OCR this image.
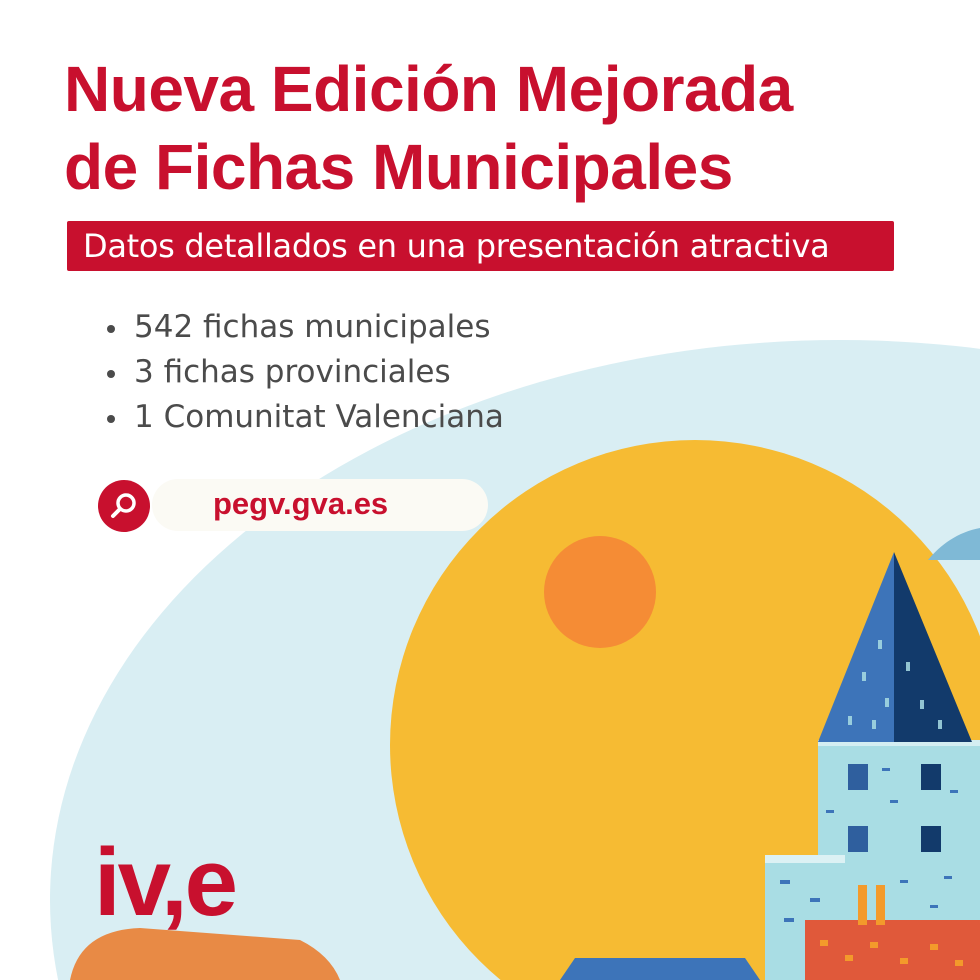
Nueva Edición Mejorada
de Fichas Municipales
Datos detallados en una presentación atractiva
542 fichas municipales
3 fichas provinciales
1 Comunitat Valenciana
pegv.gva.es
iv,e
